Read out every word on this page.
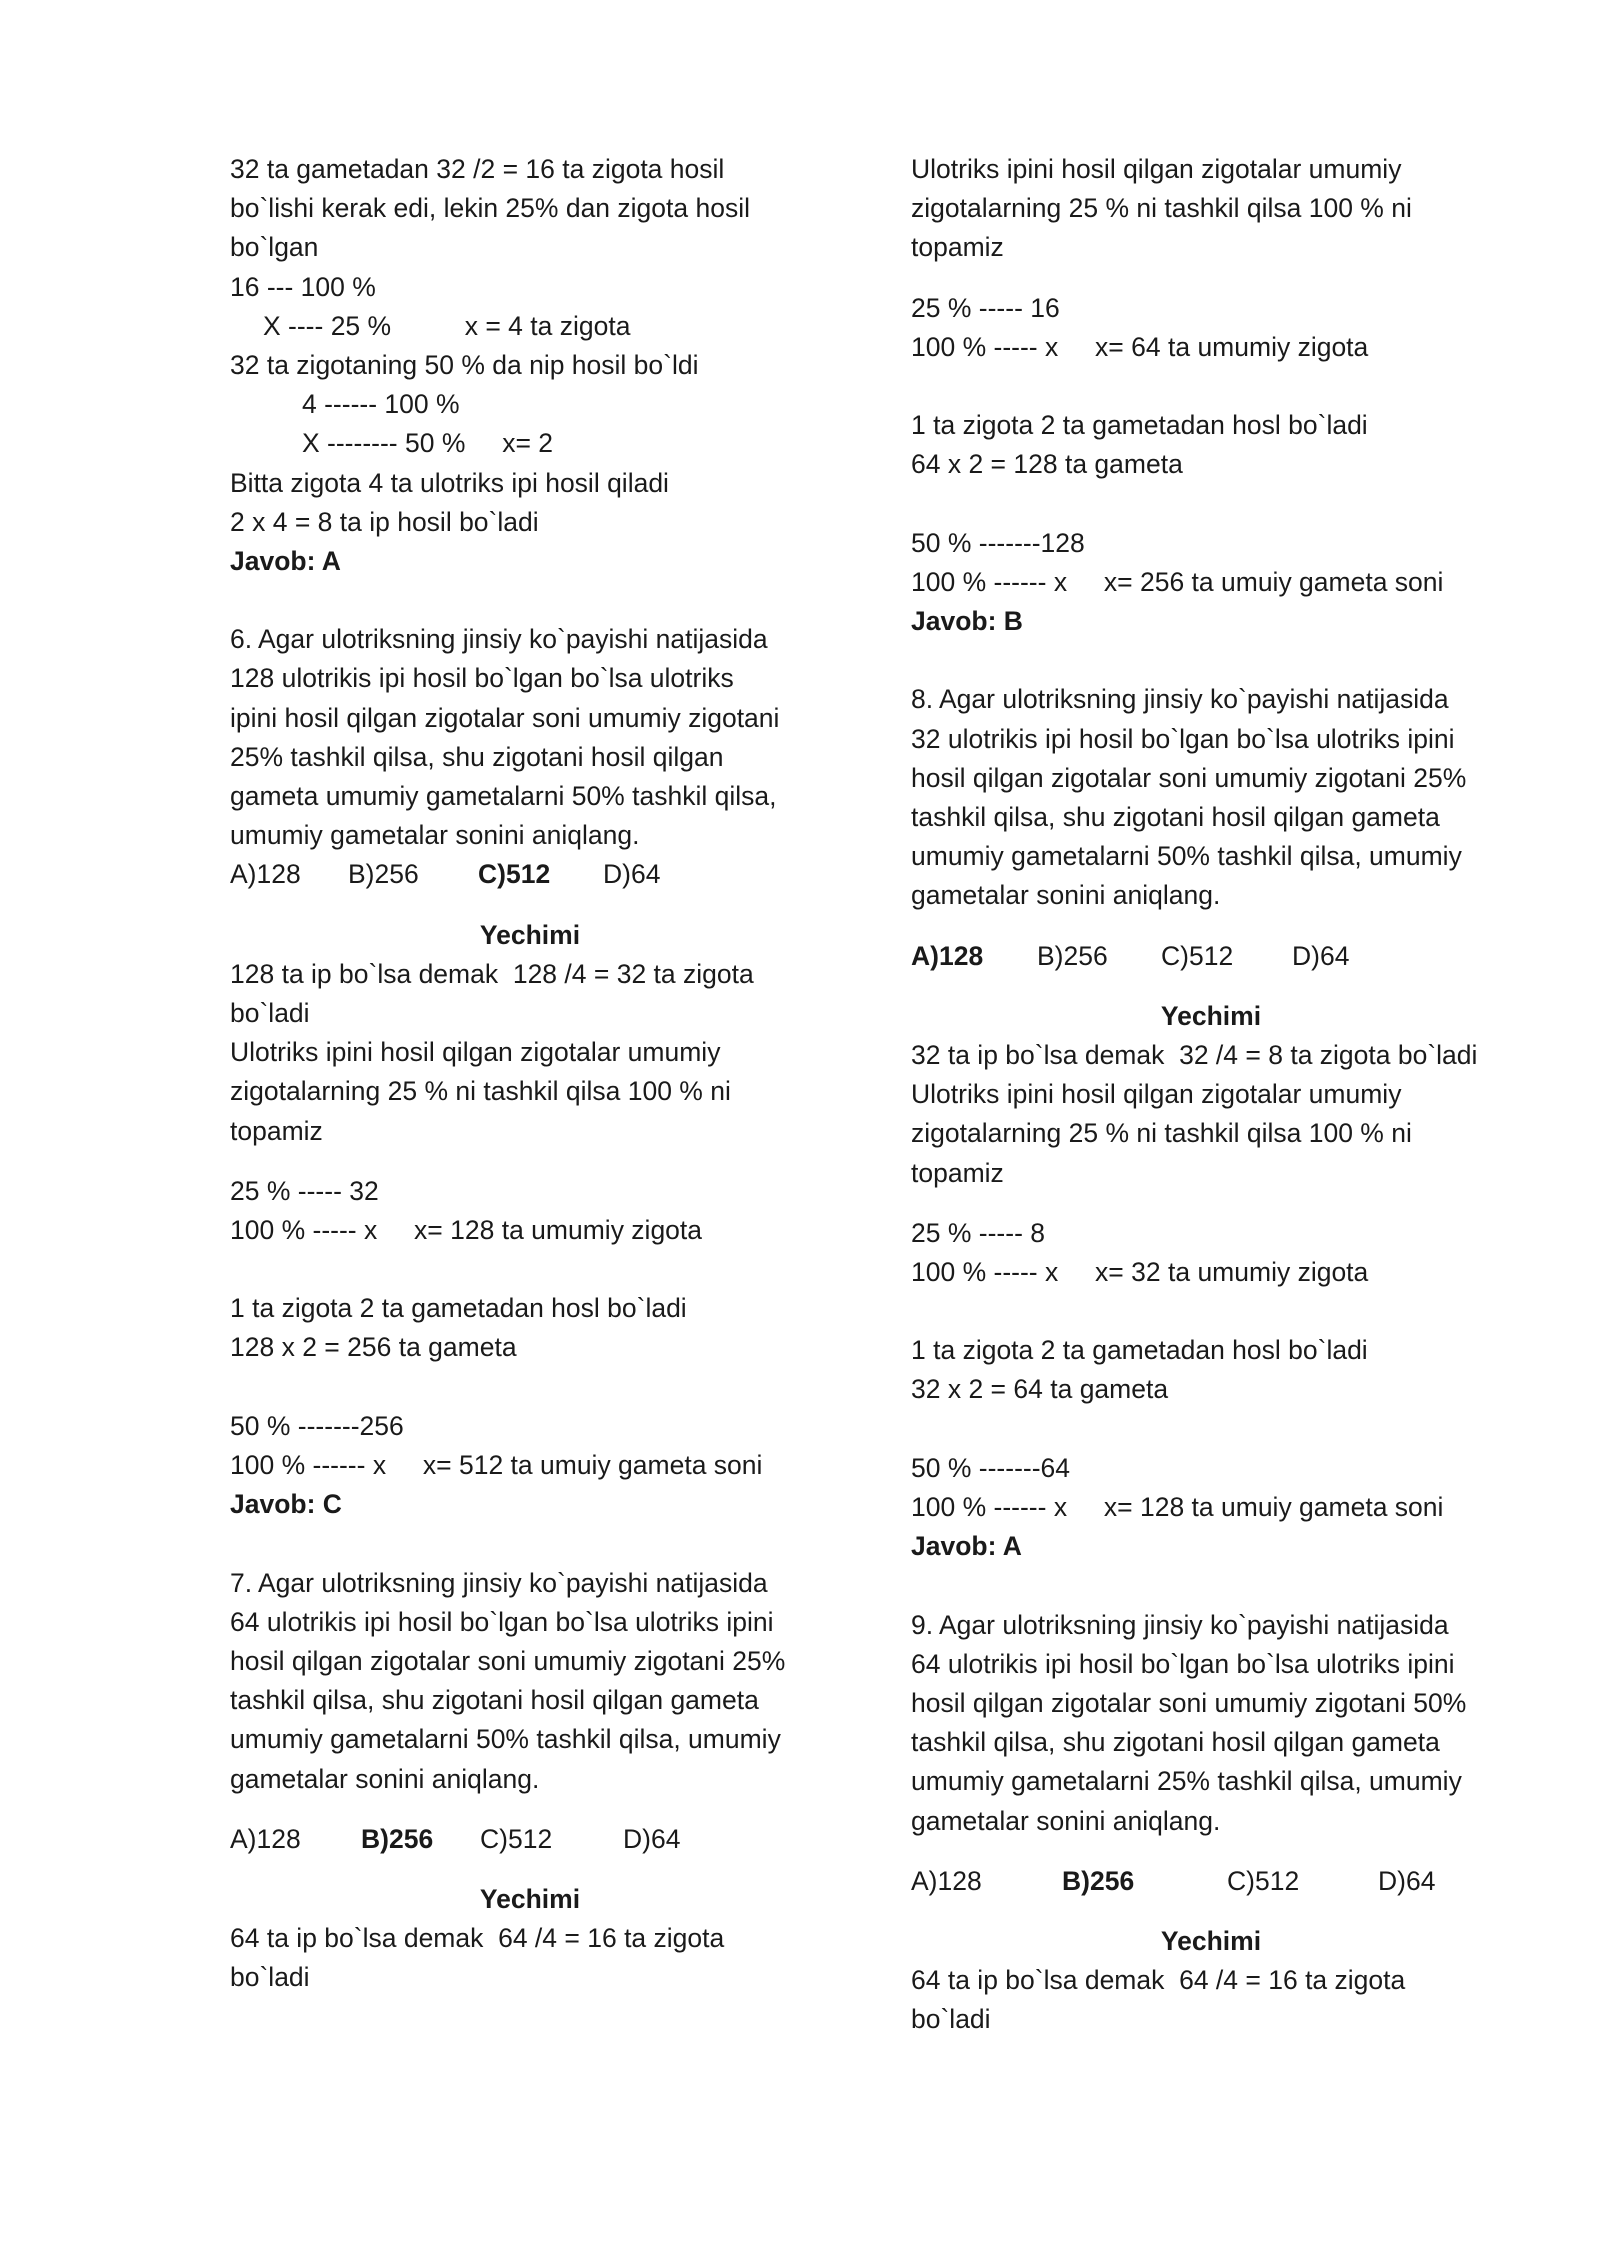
32 ta gametadan 32 /2 = 16 ta zigota hosil
bo`lishi kerak edi, lekin 25% dan zigota hosil
bo`lgan
16 --- 100 %
X ---- 25 %          x = 4 ta zigota
32 ta zigotaning 50 % da nip hosil bo`ldi
4 ------ 100 %
X -------- 50 %     x= 2
Bitta zigota 4 ta ulotriks ipi hosil qiladi
2 x 4 = 8 ta ip hosil bo`ladi
Javob: A
6. Agar ulotriksning jinsiy ko`payishi natijasida
128 ulotrikis ipi hosil bo`lgan bo`lsa ulotriks
ipini hosil qilgan zigotalar soni umumiy zigotani
25% tashkil qilsa, shu zigotani hosil qilgan
gameta umumiy gametalarni 50% tashkil qilsa,
umumiy gametalar sonini aniqlang.
A)128	B)256	C)512	D)64
Yechimi
128 ta ip bo`lsa demak  128 /4 = 32 ta zigota
bo`ladi
Ulotriks ipini hosil qilgan zigotalar umumiy
zigotalarning 25 % ni tashkil qilsa 100 % ni
topamiz
25 % ----- 32
100 % ----- x     x= 128 ta umumiy zigota
1 ta zigota 2 ta gametadan hosl bo`ladi
128 x 2 = 256 ta gameta
50 % -------256
100 % ------ x     x= 512 ta umuiy gameta soni
Javob: C
7. Agar ulotriksning jinsiy ko`payishi natijasida
64 ulotrikis ipi hosil bo`lgan bo`lsa ulotriks ipini
hosil qilgan zigotalar soni umumiy zigotani 25%
tashkil qilsa, shu zigotani hosil qilgan gameta
umumiy gametalarni 50% tashkil qilsa, umumiy
gametalar sonini aniqlang.
A)128	B)256	C)512	D)64
Yechimi
64 ta ip bo`lsa demak  64 /4 = 16 ta zigota
bo`ladi
Ulotriks ipini hosil qilgan zigotalar umumiy
zigotalarning 25 % ni tashkil qilsa 100 % ni
topamiz
25 % ----- 16
100 % ----- x     x= 64 ta umumiy zigota
1 ta zigota 2 ta gametadan hosl bo`ladi
64 x 2 = 128 ta gameta
50 % -------128
100 % ------ x     x= 256 ta umuiy gameta soni
Javob: B
8. Agar ulotriksning jinsiy ko`payishi natijasida
32 ulotrikis ipi hosil bo`lgan bo`lsa ulotriks ipini
hosil qilgan zigotalar soni umumiy zigotani 25%
tashkil qilsa, shu zigotani hosil qilgan gameta
umumiy gametalarni 50% tashkil qilsa, umumiy
gametalar sonini aniqlang.
A)128	B)256	C)512	D)64
Yechimi
32 ta ip bo`lsa demak  32 /4 = 8 ta zigota bo`ladi
Ulotriks ipini hosil qilgan zigotalar umumiy
zigotalarning 25 % ni tashkil qilsa 100 % ni
topamiz
25 % ----- 8
100 % ----- x     x= 32 ta umumiy zigota
1 ta zigota 2 ta gametadan hosl bo`ladi
32 x 2 = 64 ta gameta
50 % -------64
100 % ------ x     x= 128 ta umuiy gameta soni
Javob: A
9. Agar ulotriksning jinsiy ko`payishi natijasida
64 ulotrikis ipi hosil bo`lgan bo`lsa ulotriks ipini
hosil qilgan zigotalar soni umumiy zigotani 50%
tashkil qilsa, shu zigotani hosil qilgan gameta
umumiy gametalarni 25% tashkil qilsa, umumiy
gametalar sonini aniqlang.
A)128	B)256	C)512	D)64
Yechimi
64 ta ip bo`lsa demak  64 /4 = 16 ta zigota
bo`ladi
